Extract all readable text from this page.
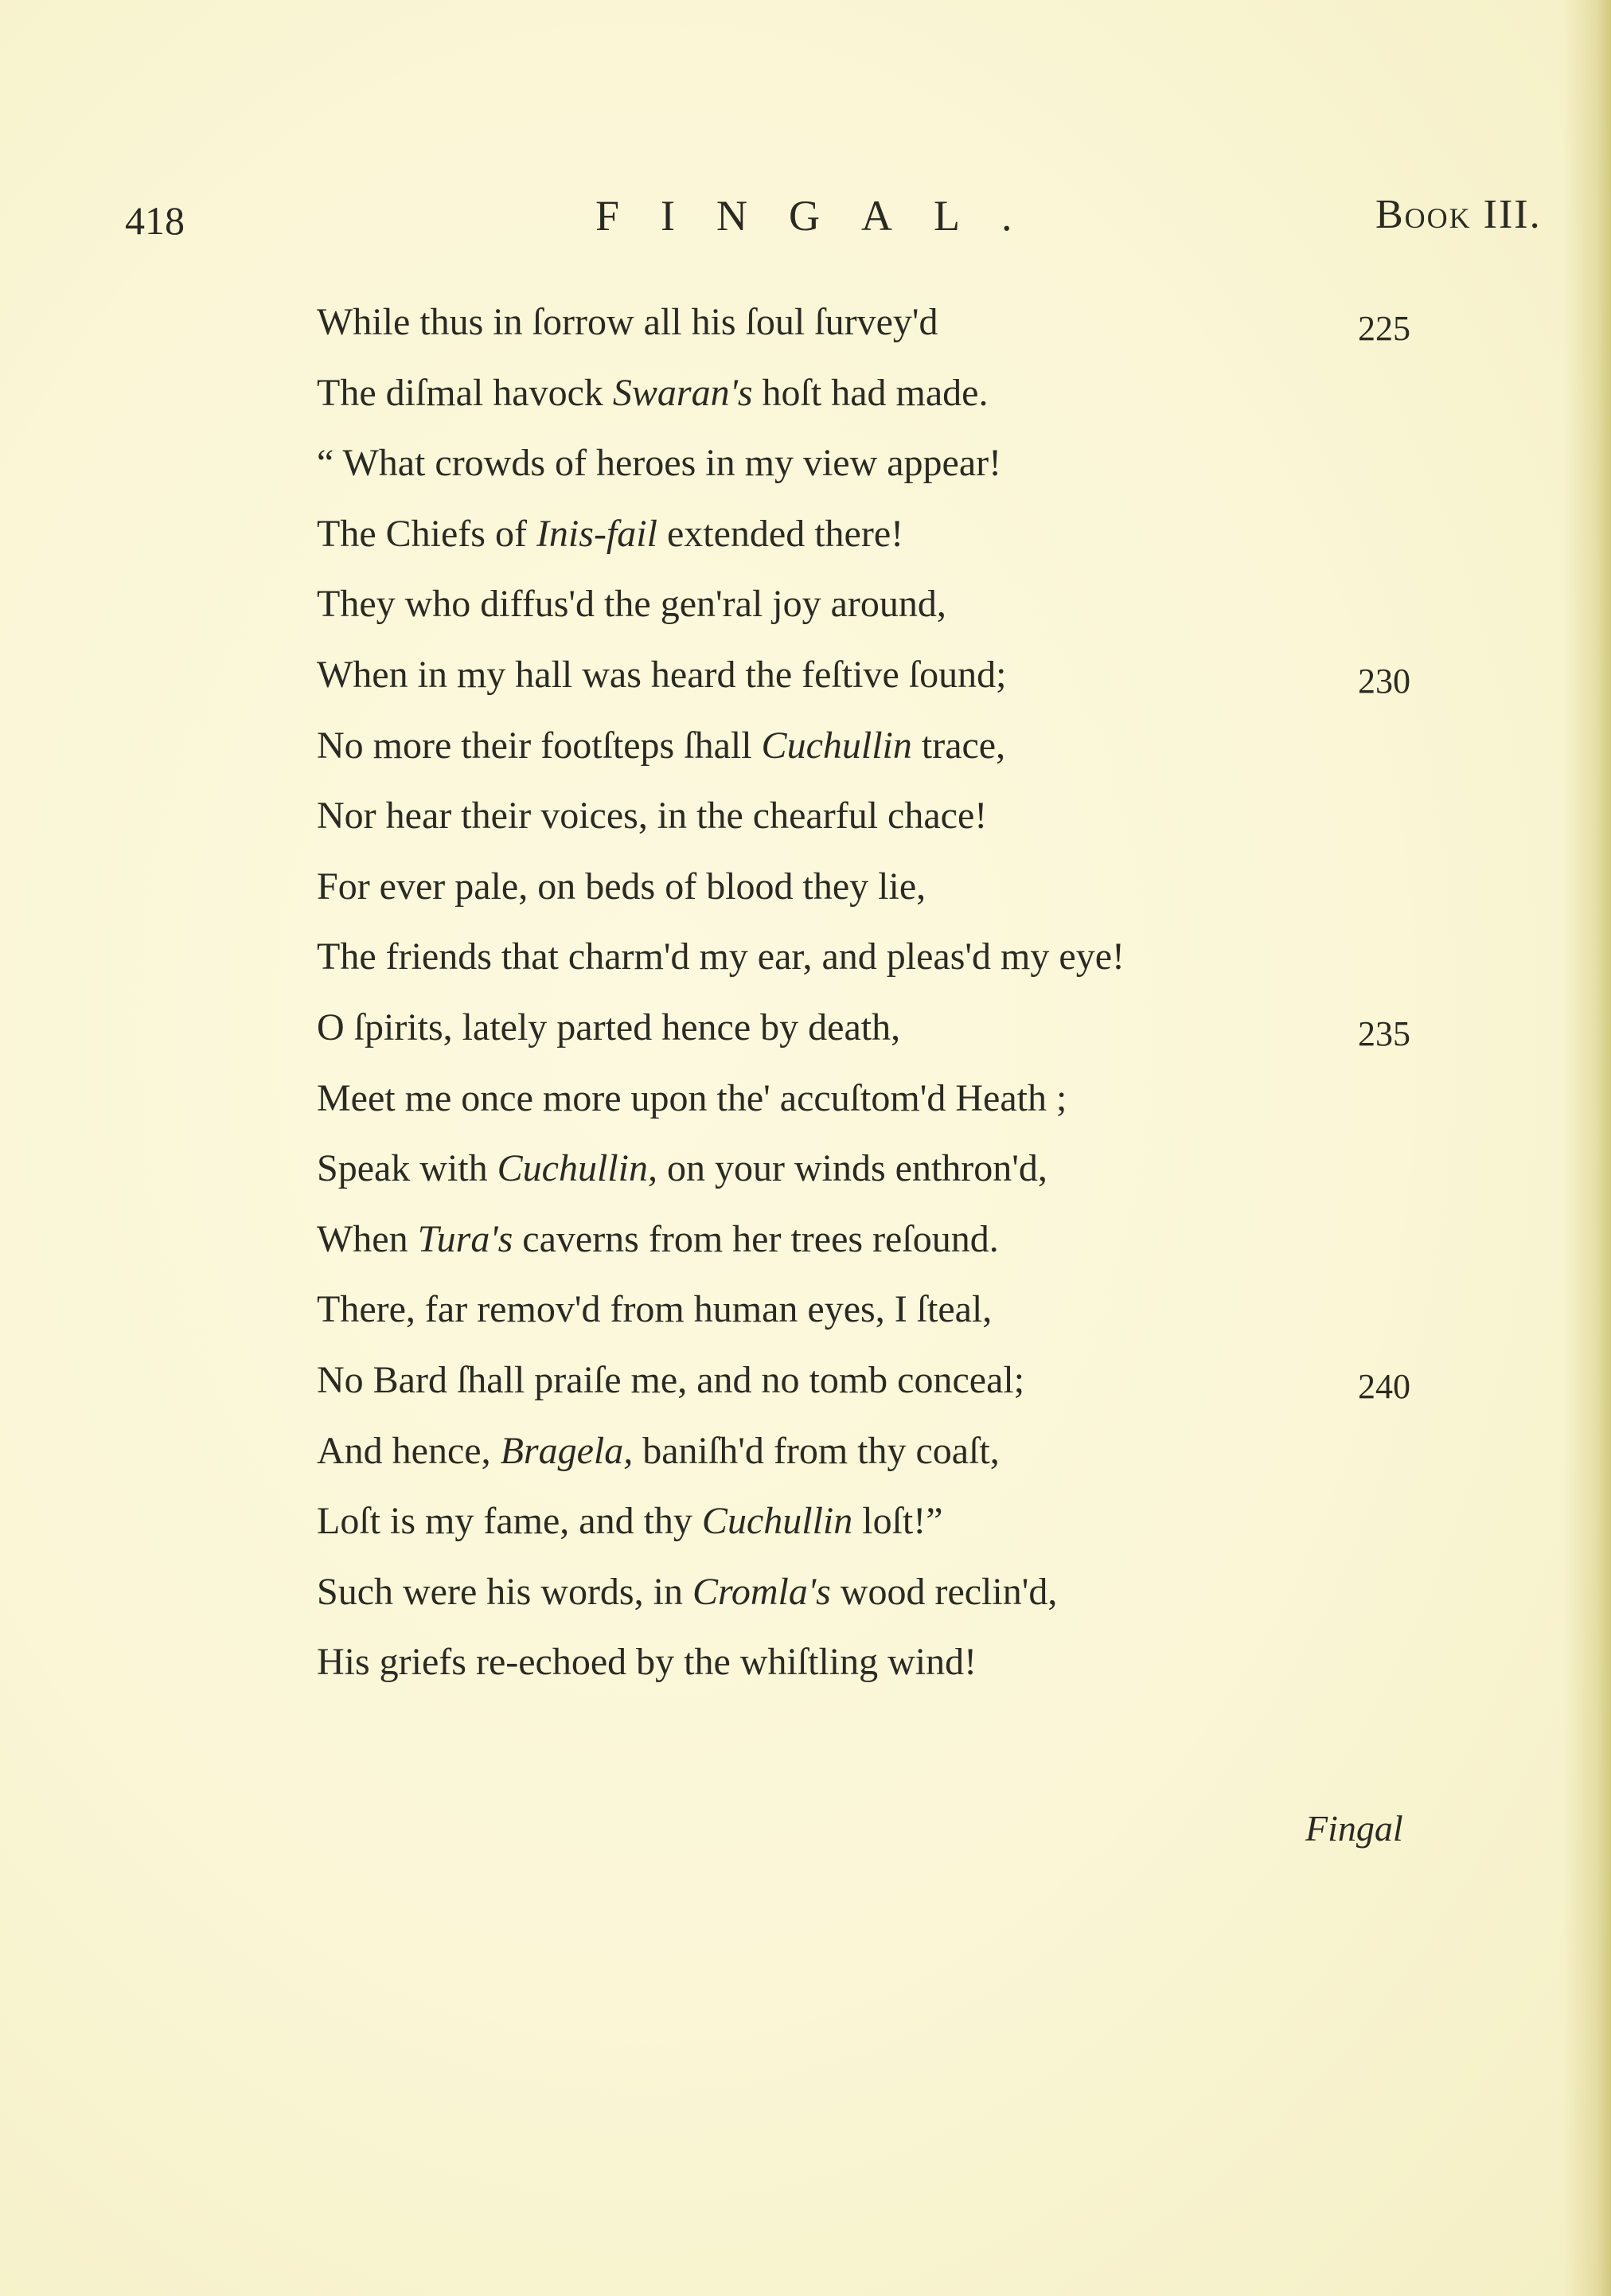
418	FINGAL.	Book III.
While thus in ſorrow all his ſoul ſurvey'd	225
The diſmal havock Swaran's hoſt had made.
“ What crowds of heroes in my view appear!
The Chiefs of Inis-fail extended there!
They who diffus'd the gen'ral joy around,
When in my hall was heard the feſtive ſound;	230
No more their footſteps ſhall Cuchullin trace,
Nor hear their voices, in the chearful chace!
For ever pale, on beds of blood they lie,
The friends that charm'd my ear, and pleas'd my eye!
O ſpirits, lately parted hence by death,	235
Meet me once more upon the' accuſtom'd Heath ;
Speak with Cuchullin, on your winds enthron'd,
When Tura's caverns from her trees reſound.
There, far remov'd from human eyes, I ſteal,
No Bard ſhall praiſe me, and no tomb conceal;	240
And hence, Bragela, baniſh'd from thy coaſt,
Loſt is my fame, and thy Cuchullin loſt!”
Such were his words, in Cromla's wood reclin'd,
His griefs re-echoed by the whiſtling wind!
Fingal
